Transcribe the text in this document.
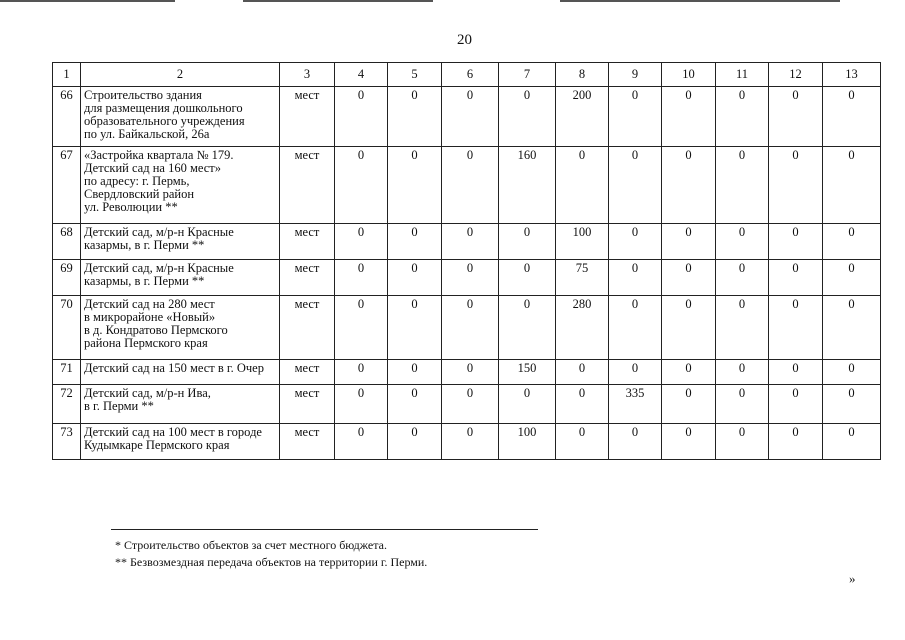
20
1	2	3	4	5	6	7	8	9	10	11	12	13
66	Строительство здания
для размещения дошкольного
образовательного учреждения
по ул. Байкальской, 26а	мест	0	0	0	0	200	0	0	0	0	0
67	«Застройка квартала № 179.
Детский сад на 160 мест»
по адресу: г. Пермь,
Свердловский район
ул. Революции **	мест	0	0	0	160	0	0	0	0	0	0
68	Детский сад, м/р-н Красные
казармы, в г. Перми **	мест	0	0	0	0	100	0	0	0	0	0
69	Детский сад, м/р-н Красные
казармы, в г. Перми **	мест	0	0	0	0	75	0	0	0	0	0
70	Детский сад на 280 мест
в микрорайоне «Новый»
в д. Кондратово Пермского
района Пермского края	мест	0	0	0	0	280	0	0	0	0	0
71	Детский сад на 150 мест в г. Очер	мест	0	0	0	150	0	0	0	0	0	0
72	Детский сад, м/р-н Ива,
в г. Перми **	мест	0	0	0	0	0	335	0	0	0	0
73	Детский сад на 100 мест в городе
Кудымкаре Пермского края	мест	0	0	0	100	0	0	0	0	0	0
* Строительство объектов за счет местного бюджета.
** Безвозмездная передача объектов на территории г. Перми.
»
